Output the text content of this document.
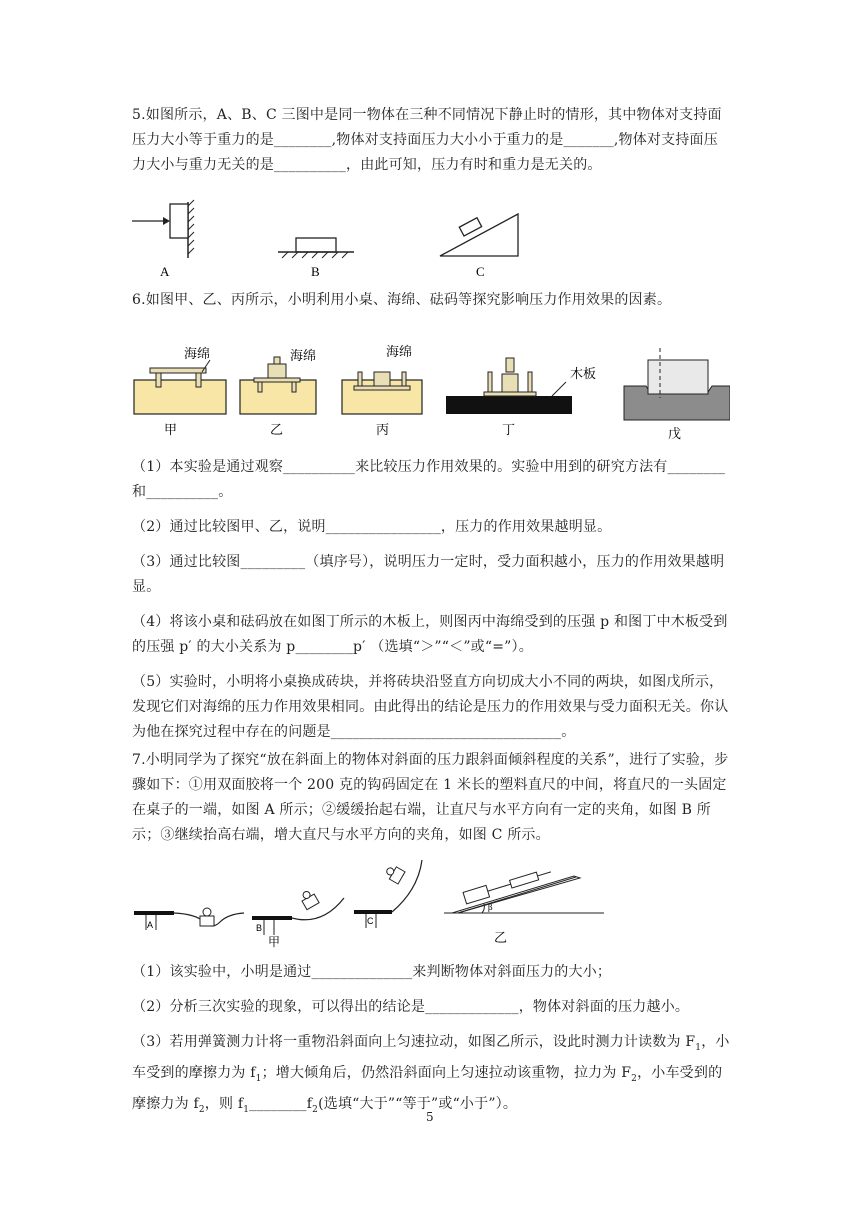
5.如图所示，A、B、C 三图中是同一物体在三种不同情况下静止时的情形，其中物体对支持面压力大小等于重力的是________,物体对支持面压力大小小于重力的是_______,物体对支持面压力大小与重力无关的是__________，由此可知，压力有时和重力是无关的。
A	B	C
6.如图甲、乙、丙所示，小明利用小桌、海绵、砝码等探究影响压力作用效果的因素。
海绵
甲
海绵
乙
海绵
丙
木板
丁	戊
（1）本实验是通过观察__________来比较压力作用效果的。实验中用到的研究方法有________和__________。
（2）通过比较图甲、乙，说明________________，压力的作用效果越明显。
（3）通过比较图_________（填序号），说明压力一定时，受力面积越小，压力的作用效果越明显。
（4）将该小桌和砝码放在如图丁所示的木板上，则图丙中海绵受到的压强 p 和图丁中木板受到的压强 p′ 的大小关系为 p________p′ （选填“＞”“＜”或“=”）。
（5）实验时，小明将小桌换成砖块，并将砖块沿竖直方向切成大小不同的两块，如图戊所示，发现它们对海绵的压力作用效果相同。由此得出的结论是压力的作用效果与受力面积无关。你认为他在探究过程中存在的问题是________________________________。
7.小明同学为了探究“放在斜面上的物体对斜面的压力跟斜面倾斜程度的关系”，进行了实验，步骤如下：①用双面胶将一个 200 克的钩码固定在 1 米长的塑料直尺的中间，将直尺的一头固定在桌子的一端，如图 A 所示；②缓缓抬起右端，让直尺与水平方向有一定的夹角，如图 B 所示；③继续抬高右端，增大直尺与水平方向的夹角，如图 C 所示。
A	B
甲
C
β
乙
（1）该实验中，小明是通过______________来判断物体对斜面压力的大小；
（2）分析三次实验的现象，可以得出的结论是_____________，物体对斜面的压力越小。
（3）若用弹簧测力计将一重物沿斜面向上匀速拉动，如图乙所示，设此时测力计读数为 $F_1$，小车受到的摩擦力为 $f_1$；增大倾角后，仍然沿斜面向上匀速拉动该重物，拉力为 $F_2$，小车受到的摩擦力为 $f_2$，则 $f_1\_\_\_\_\_\_\_\_f_2$(选填“大于”“等于”或“小于”）。
5
